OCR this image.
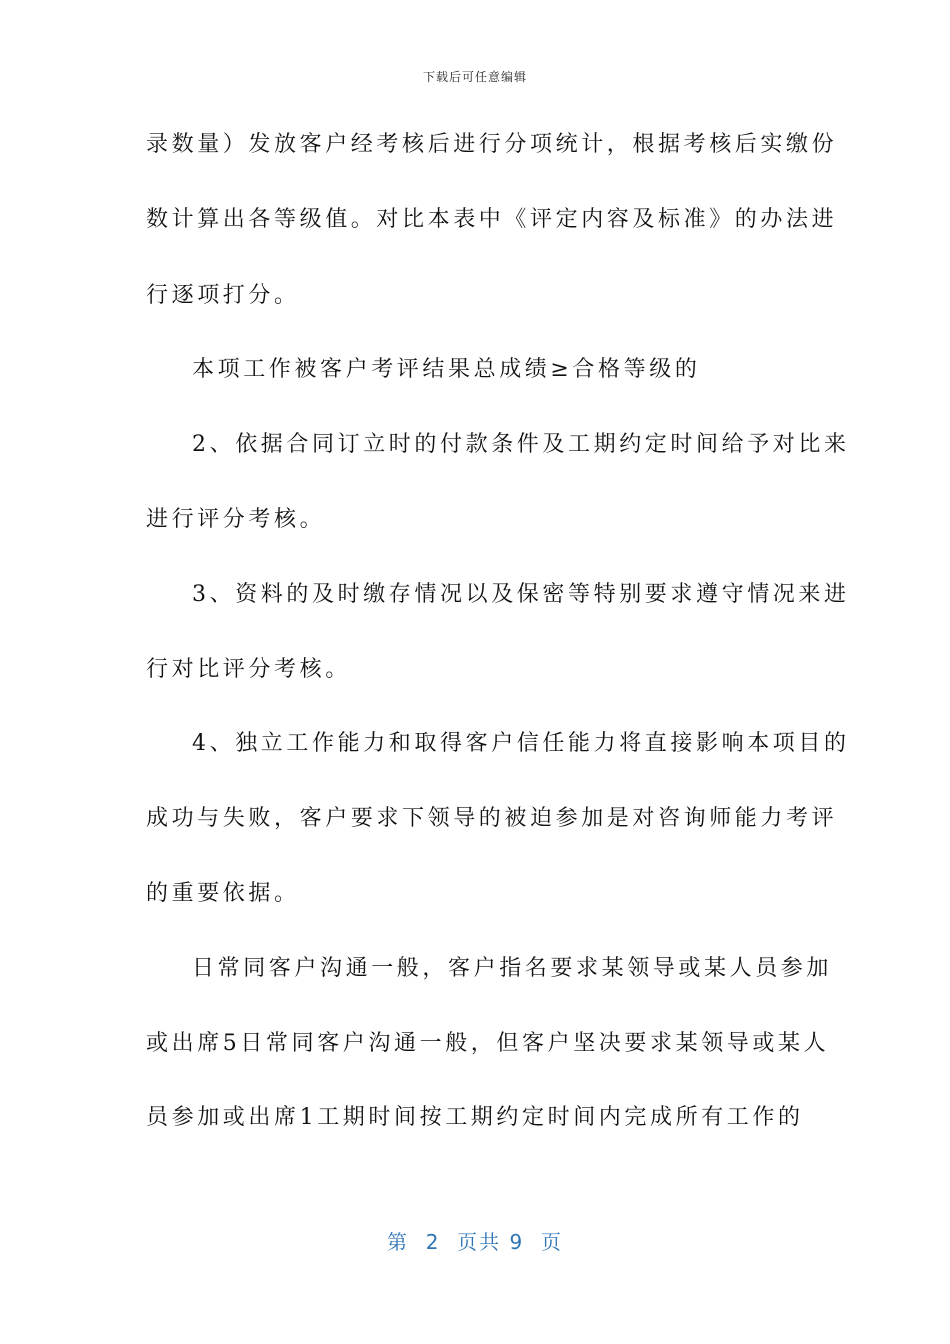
下载后可任意编辑
录数量）发放客户经考核后进行分项统计，根据考核后实缴份
数计算出各等级值。对比本表中《评定内容及标准》的办法进
行逐项打分。
本项工作被客户考评结果总成绩≥合格等级的
2、依据合同订立时的付款条件及工期约定时间给予对比来
进行评分考核。
3、资料的及时缴存情况以及保密等特别要求遵守情况来进
行对比评分考核。
4、独立工作能力和取得客户信任能力将直接影响本项目的
成功与失败，客户要求下领导的被迫参加是对咨询师能力考评
的重要依据。
日常同客户沟通一般，客户指名要求某领导或某人员参加
或出席5日常同客户沟通一般，但客户坚决要求某领导或某人
员参加或出席1工期时间按工期约定时间内完成所有工作的
第  2  页共 9  页
